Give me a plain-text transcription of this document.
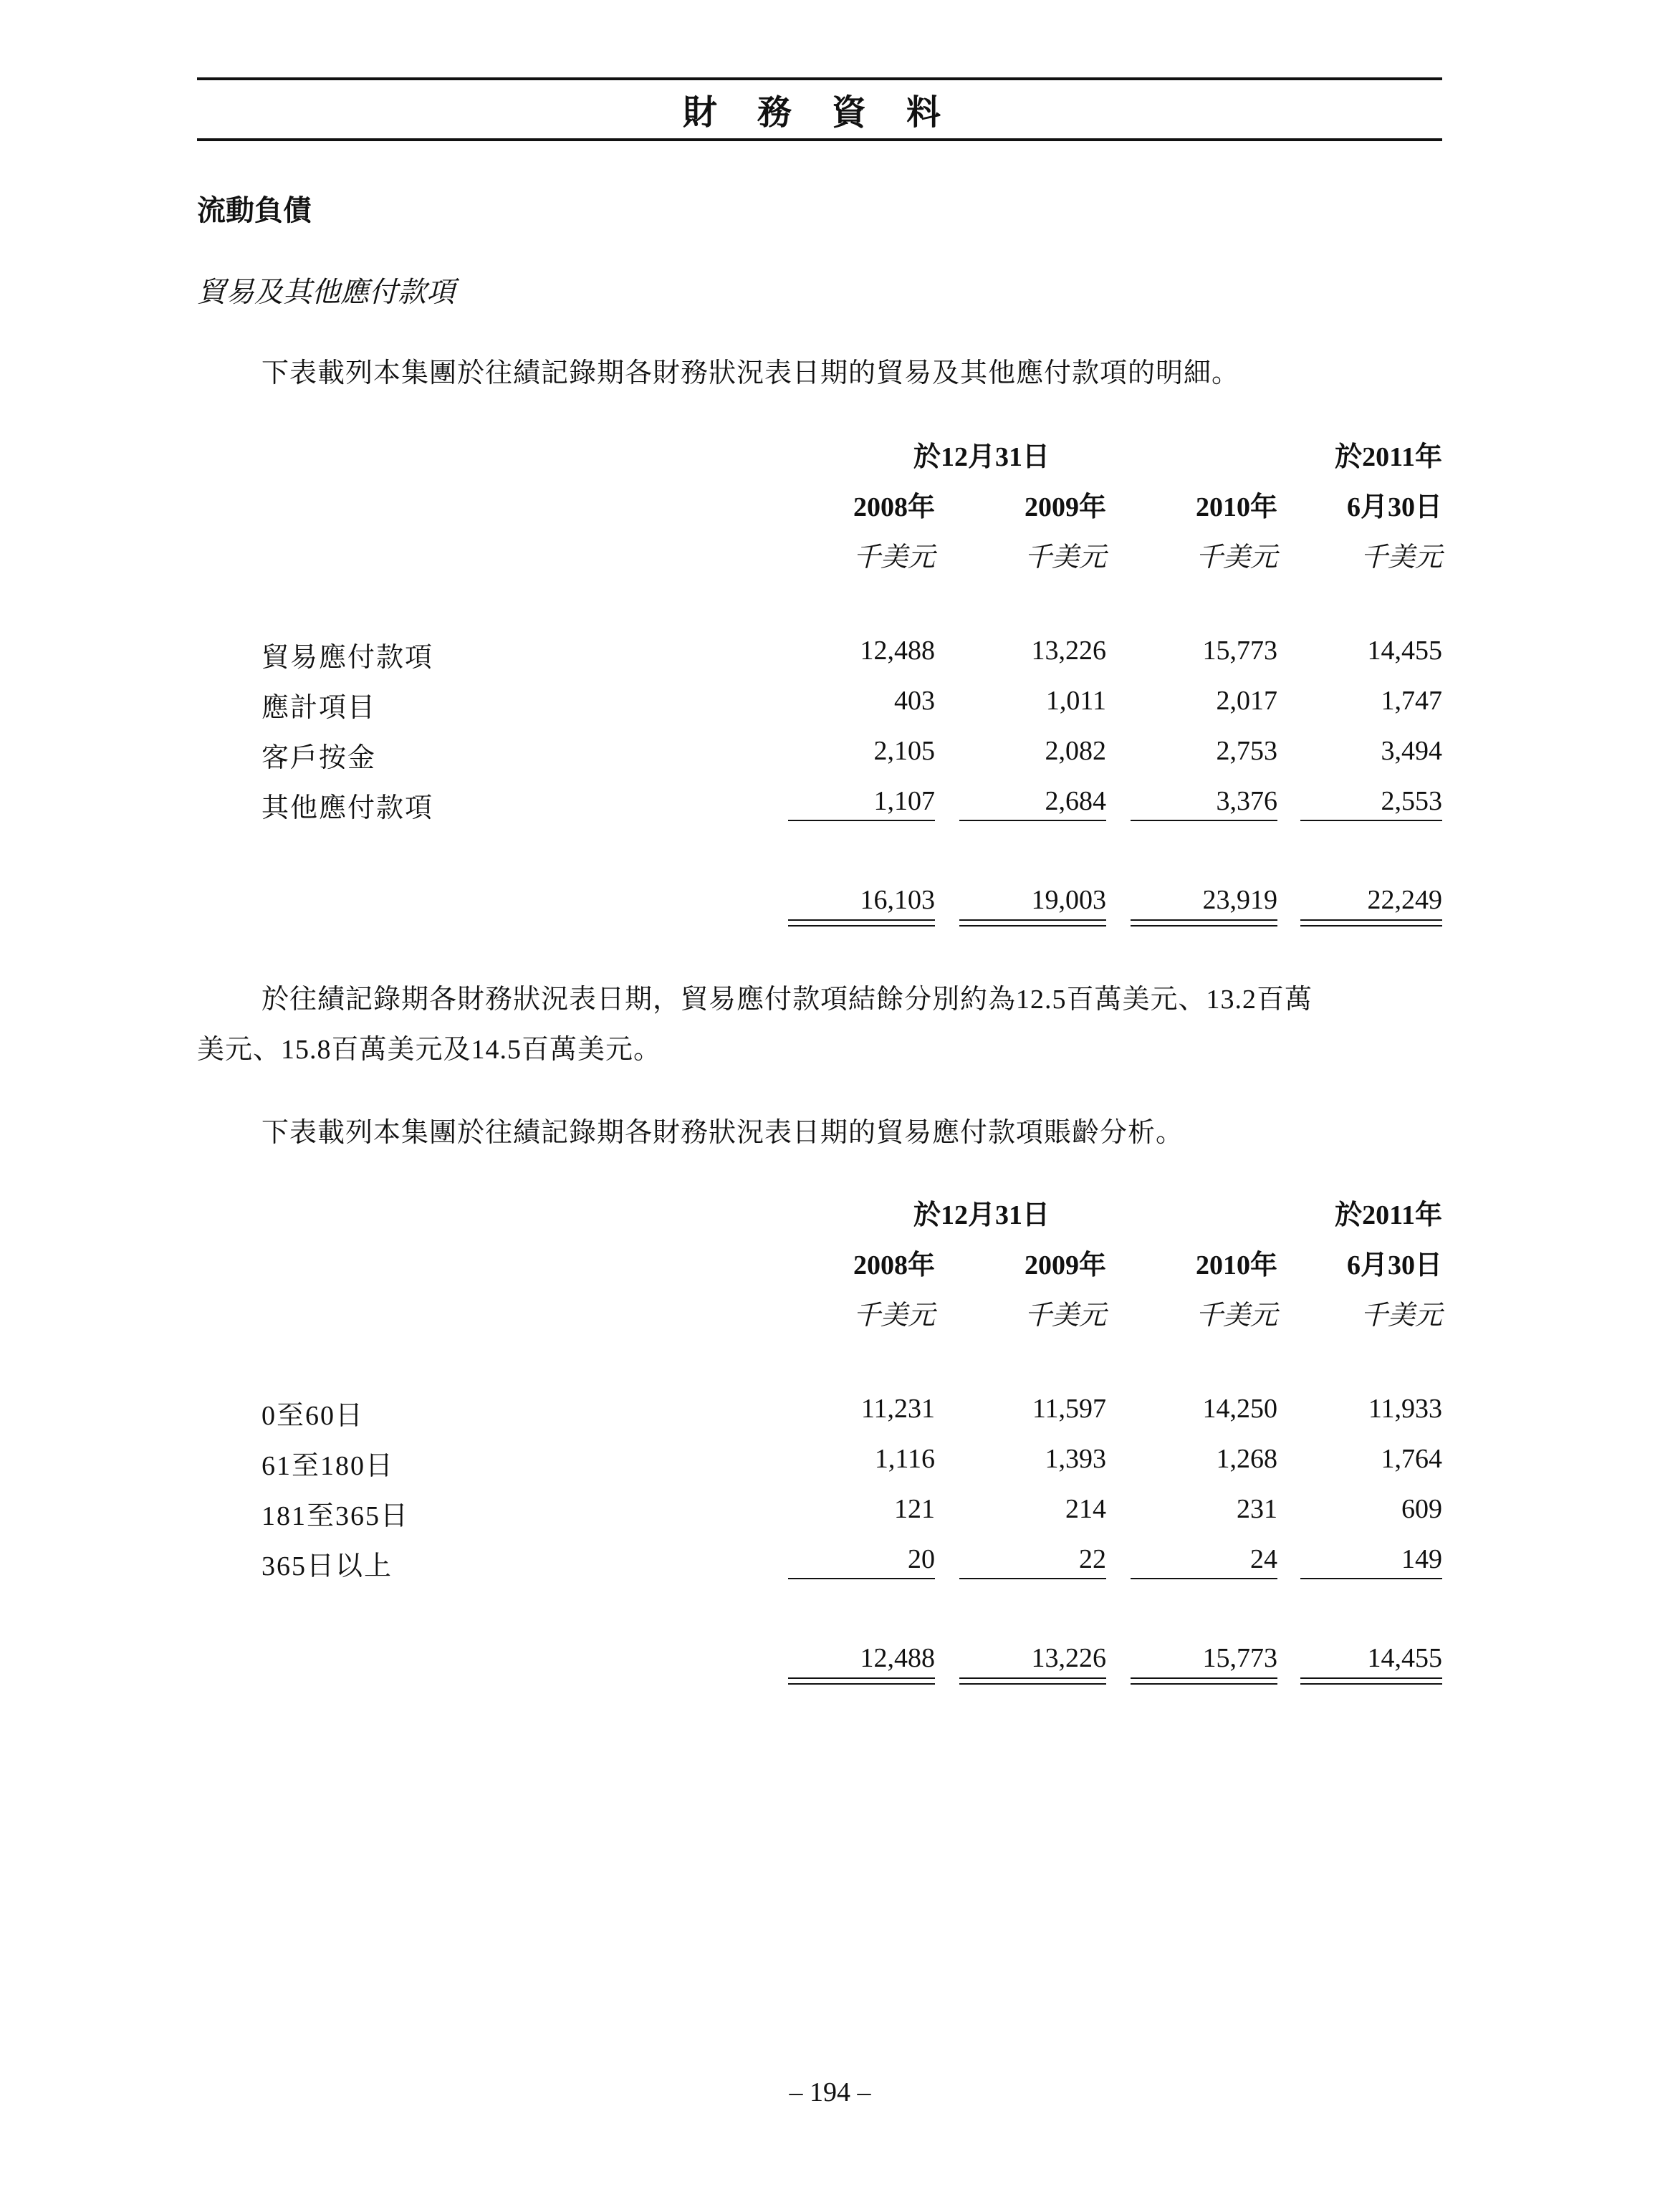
財 務 資 料
流動負債
貿易及其他應付款項
下表載列本集團於往績記錄期各財務狀況表日期的貿易及其他應付款項的明細。
於12月31日	於2011年
2008年	2009年	2010年	6月30日
千美元	千美元	千美元	千美元
貿易應付款項	12,488	13,226	15,773	14,455
應計項目	403	1,011	2,017	1,747
客戶按金	2,105	2,082	2,753	3,494
其他應付款項	1,107	2,684	3,376	2,553
16,103	19,003	23,919	22,249
於往績記錄期各財務狀況表日期，貿易應付款項結餘分別約為12.5百萬美元、13.2百萬
美元、15.8百萬美元及14.5百萬美元。
下表載列本集團於往績記錄期各財務狀況表日期的貿易應付款項賬齡分析。
於12月31日	於2011年
2008年	2009年	2010年	6月30日
千美元	千美元	千美元	千美元
0至60日	11,231	11,597	14,250	11,933
61至180日	1,116	1,393	1,268	1,764
181至365日	121	214	231	609
365日以上	20	22	24	149
12,488	13,226	15,773	14,455
– 194 –
